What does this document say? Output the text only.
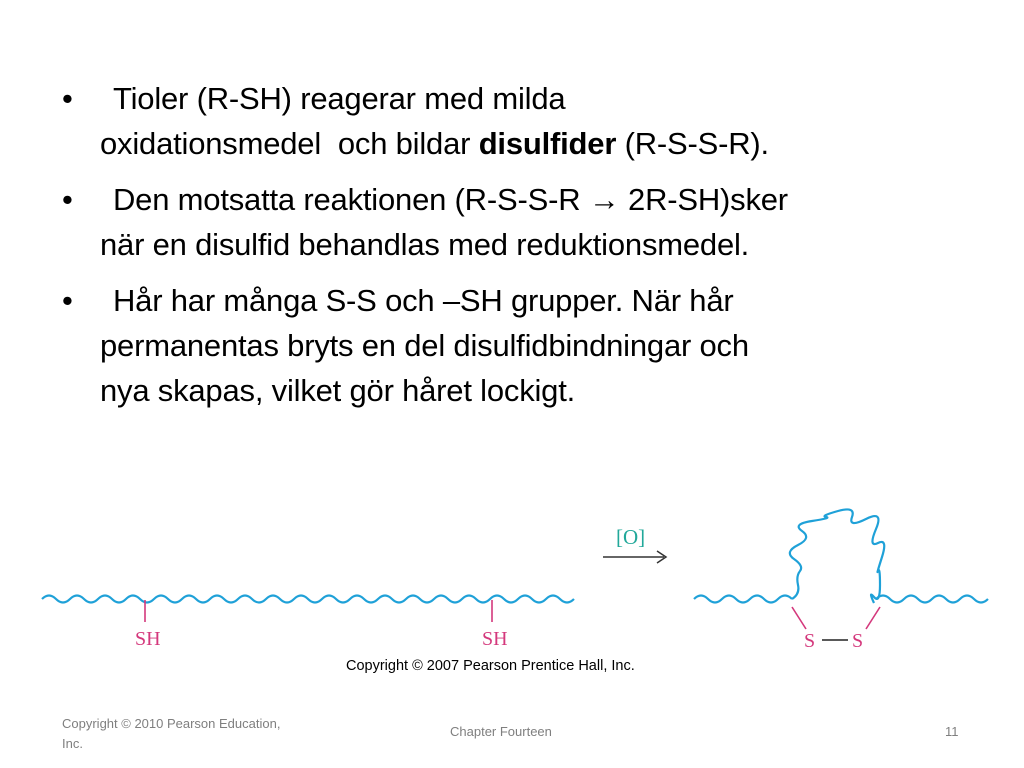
•	Tioler (R-SH) reagerar med milda
oxidationsmedel  och bildar disulfider (R-S-S-R).
•	Den motsatta reaktionen (R-S-S-R → 2R-SH)sker
när en disulfid behandlas med reduktionsmedel.
•	Hår har många S-S och –SH grupper. När hår
permanentas bryts en del disulfidbindningar och
nya skapas, vilket gör håret lockigt.
SH	SH
[O]
S S
Copyright © 2007 Pearson Prentice Hall, Inc.
Copyright © 2010 Pearson Education, Inc.
Chapter Fourteen	11
